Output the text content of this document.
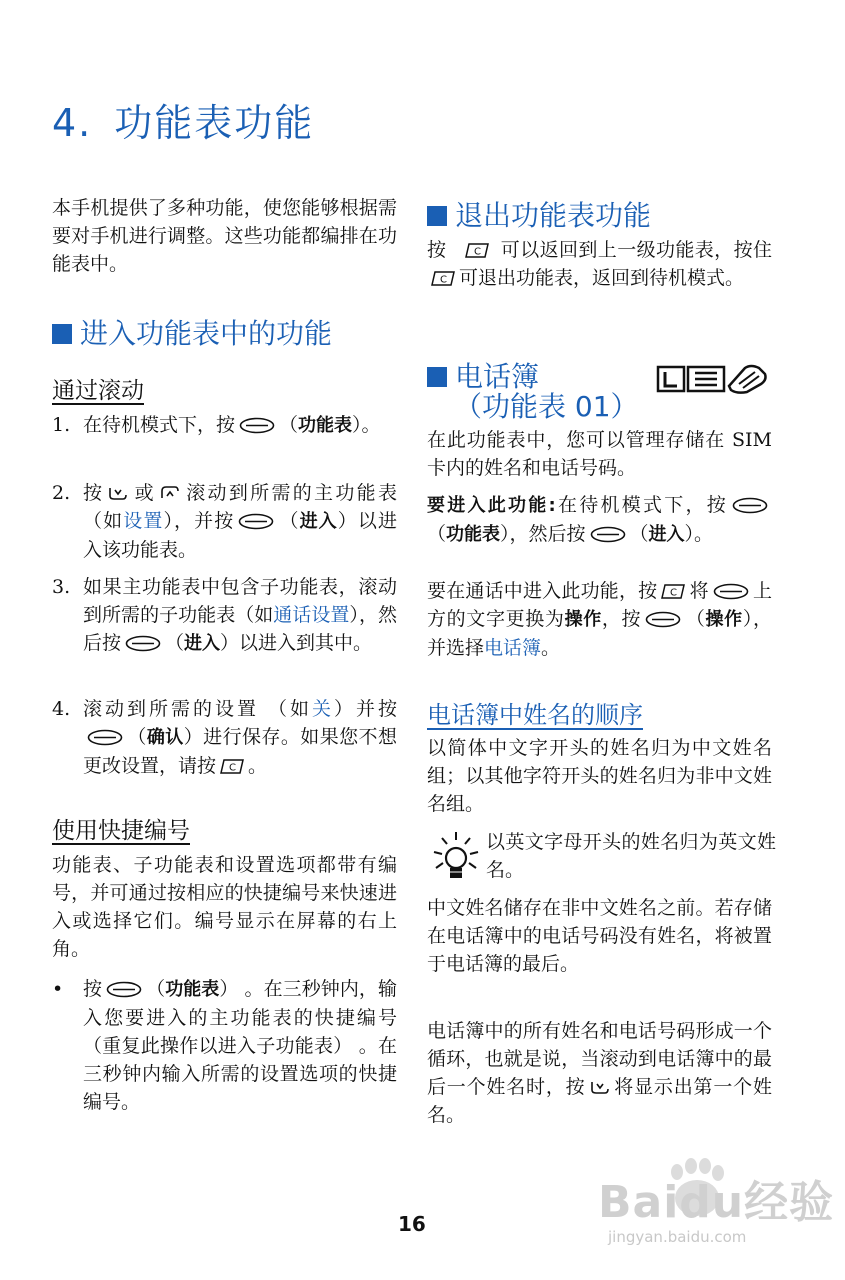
4. 功能表功能

本手机提供了多种功能，使您能够根据需要对手机进行调整。这些功能都编排在功能表中。

进入功能表中的功能
通过滚动
1. 在待机模式下，按 （功能表）。
2. 按 或 滚动到所需的主功能表（如设置），并按 （进入）以进入该功能表。
3. 如果主功能表中包含子功能表，滚动到所需的子功能表（如通话设置），然后按 （进入）以进入到其中。
4. 滚动到所需的设置 （如关）并按（确认）进行保存。如果您不想更改设置，请按 C 。
使用快捷编号

功能表、子功能表和设置选项都带有编号，并可通过按相应的快捷编号来快速进入或选择它们。编号显示在屏幕的右上角。

• 按 （功能表） 。在三秒钟内，输入您要进入的主功能表的快捷编号 （重复此操作以进入子功能表） 。在三秒钟内输入所需的设置选项的快捷编号。
退出功能表功能

按	C 可以返回到上一级功能表，按住
C 可退出功能表，返回到待机模式。

电话簿
（功能表 01）

在此功能表中，您可以管理存储在 SIM 卡内的姓名和电话号码。

要进入此功能:在待机模式下，按（功能表），然后按 （进入）。

要在通话中进入此功能，按 C 将 上方的文字更换为操作，按 （操作），并选择电话簿。

电话簿中姓名的顺序

以简体中文字开头的姓名归为中文姓名组；以其他字符开头的姓名归为非中文姓名组。

以英文字母开头的姓名归为英文姓名。

中文姓名储存在非中文姓名之前。若存储在电话簿中的电话号码没有姓名，将被置于电话簿的最后。

电话簿中的所有姓名和电话号码形成一个循环，也就是说，当滚动到电话簿中的最后一个姓名时，按 将显示出第一个姓名。

16	Baidu经验
jingyan.baidu.com
